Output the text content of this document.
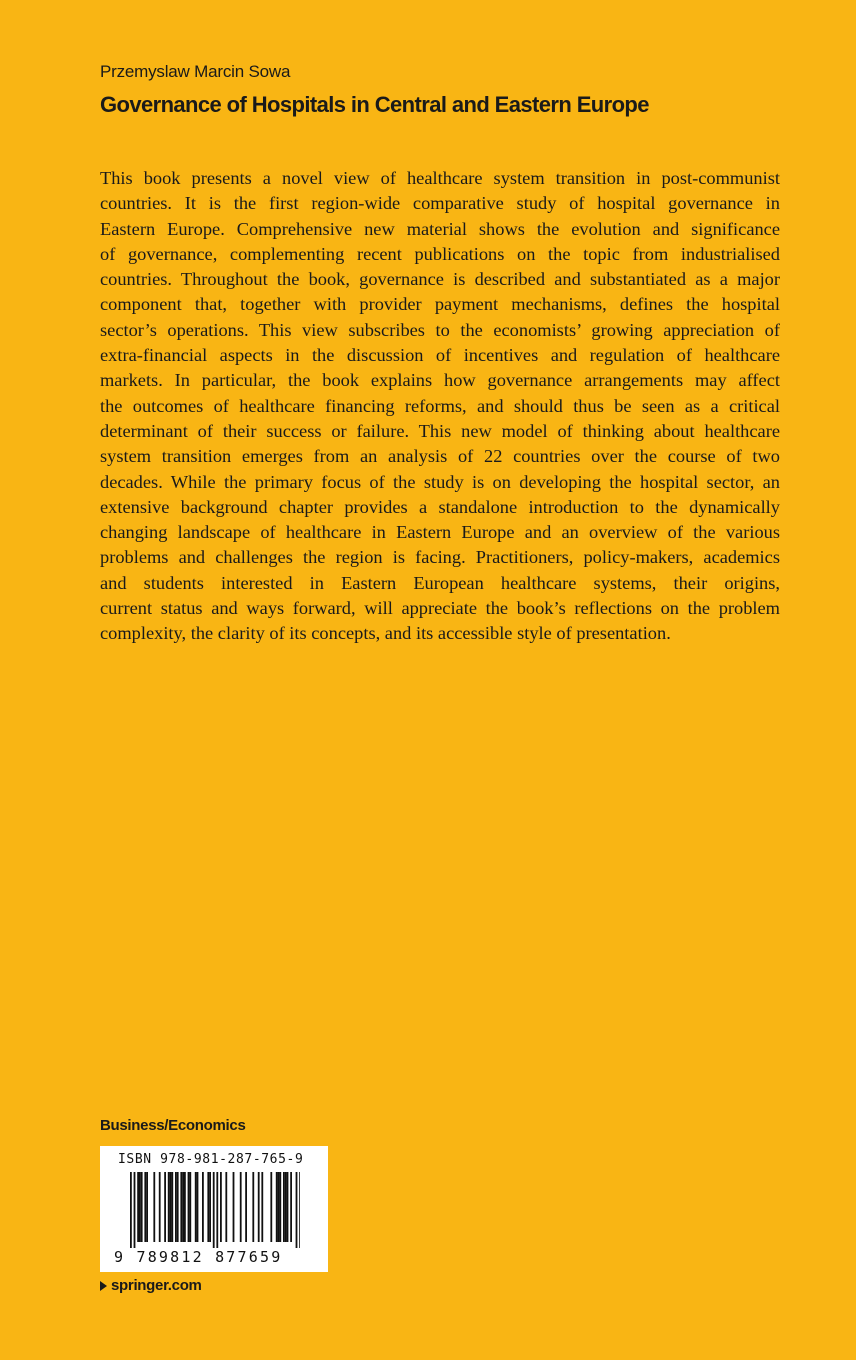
Przemyslaw Marcin Sowa
Governance of Hospitals in Central and Eastern Europe
This book presents a novel view of healthcare system transition in post-communist
countries. It is the first region-wide comparative study of hospital governance in
Eastern Europe. Comprehensive new material shows the evolution and significance
of governance, complementing recent publications on the topic from industrialised
countries. Throughout the book, governance is described and substantiated as a major
component that, together with provider payment mechanisms, defines the hospital
sector’s operations. This view subscribes to the economists’ growing appreciation of
extra-financial aspects in the discussion of incentives and regulation of healthcare
markets. In particular, the book explains how governance arrangements may affect
the outcomes of healthcare financing reforms, and should thus be seen as a critical
determinant of their success or failure. This new model of thinking about healthcare
system transition emerges from an analysis of 22 countries over the course of two
decades. While the primary focus of the study is on developing the hospital sector, an
extensive background chapter provides a standalone introduction to the dynamically
changing landscape of healthcare in Eastern Europe and an overview of the various
problems and challenges the region is facing. Practitioners, policy-makers, academics
and students interested in Eastern European healthcare systems, their origins,
current status and ways forward, will appreciate the book’s reflections on the problem
complexity, the clarity of its concepts, and its accessible style of presentation.
Business/Economics
ISBN 978-981-287-765-9
9 789812 877659
springer.com
